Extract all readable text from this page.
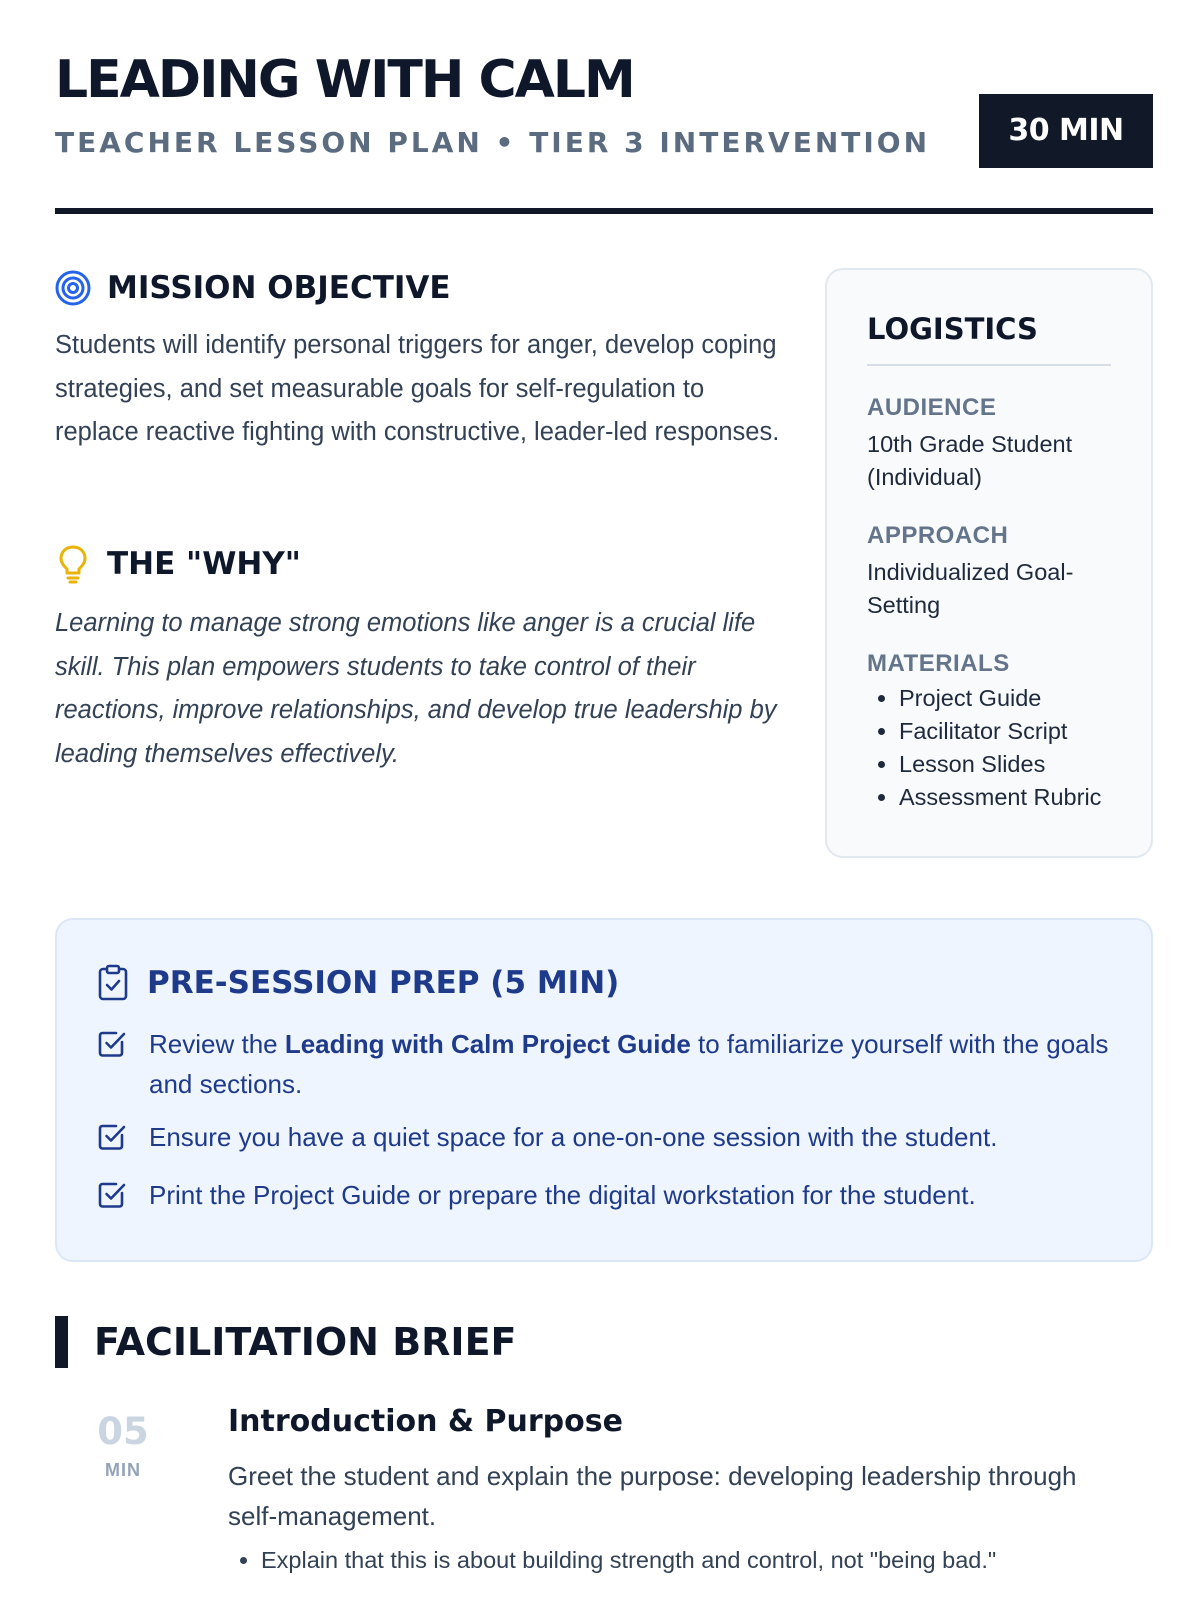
LEADING WITH CALM
TEACHER LESSON PLAN • TIER 3 INTERVENTION	30 MIN
MISSION OBJECTIVE

Students will identify personal triggers for anger, develop coping strategies, and set measurable goals for self-regulation to replace reactive fighting with constructive, leader-led responses.

THE "WHY"

Learning to manage strong emotions like anger is a crucial life skill. This plan empowers students to take control of their reactions, improve relationships, and develop true leadership by leading themselves effectively.

LOGISTICS
AUDIENCE
10th Grade Student (Individual)
APPROACH
Individualized Goal-Setting
MATERIALS
• Project Guide
• Facilitator Script
• Lesson Slides
• Assessment Rubric
PRE-SESSION PREP (5 MIN)
Review the Leading with Calm Project Guide to familiarize yourself with the goals and sections.
Ensure you have a quiet space for a one-on-one session with the student.
Print the Project Guide or prepare the digital workstation for the student.
FACILITATION BRIEF
05
MIN
Introduction & Purpose

Greet the student and explain the purpose: developing leadership through self-management.

• Explain that this is about building strength and control, not "being bad."
